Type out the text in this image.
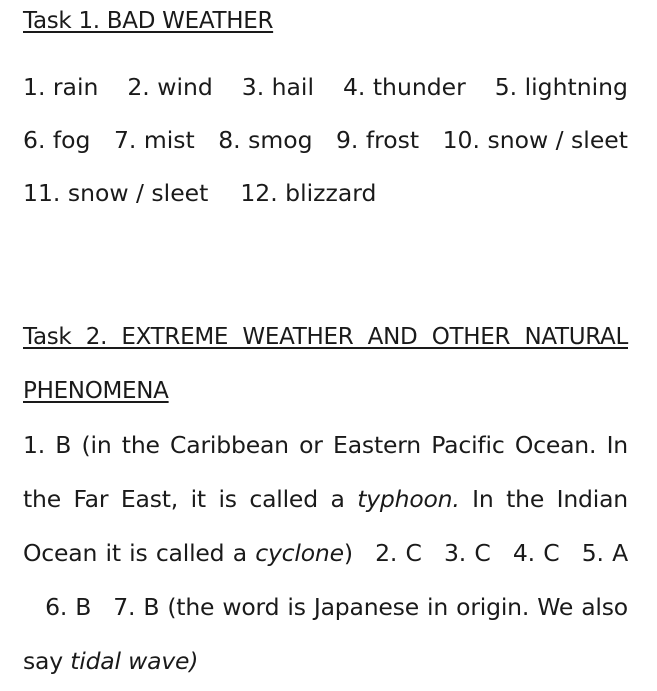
Task 1. BAD WEATHER
1. rain 2. wind 3. hail 4. thunder 5. lightning
6. fog 7. mist 8. smog 9. frost 10. snow / sleet
11. snow / sleet 12. blizzard
Task 2. EXTREME WEATHER AND OTHER NATURAL PHENOMENA
1. B (in the Caribbean or Eastern Pacific Ocean. In the Far East, it is called a typhoon. In the Indian Ocean it is called a cyclone) 2. C 3. C 4. C 5. A 6. B 7. B (the word is Japanese in origin. We also say tidal wave)
